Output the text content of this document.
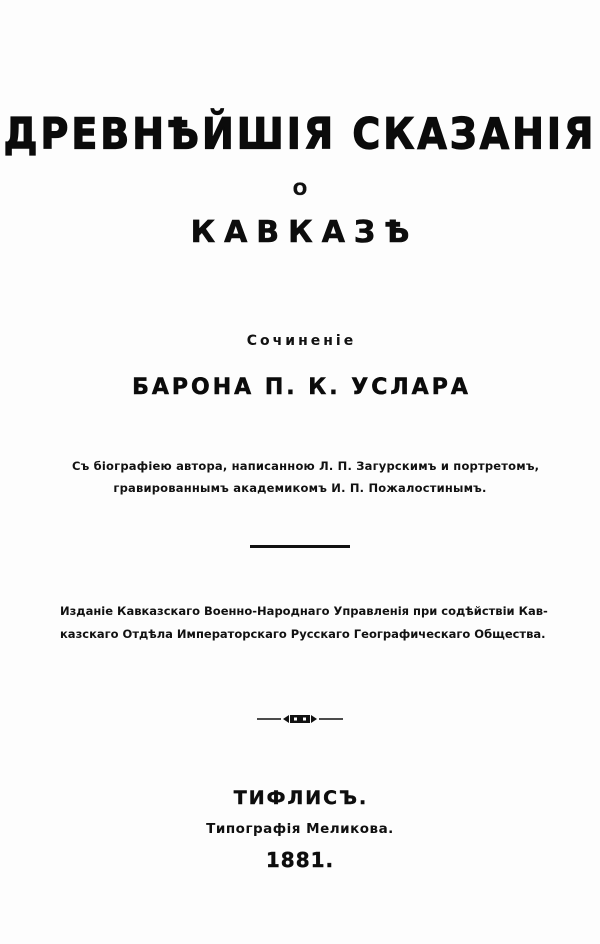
ДРЕВНѢЙШІЯ СКАЗАНІЯ
О
КАВКАЗѢ
Сочиненіе
БАРОНА П. К. УСЛАРА
Съ біографіею автора, написанною Л. П. Загурскимъ и портретомъ,
гравированнымъ академикомъ И. П. Пожалостинымъ.
Изданіе Кавказскаго Военно-Народнаго Управленія при содѣйствіи Кав-
казскаго Отдѣла Императорскаго Русскаго Географическаго Общества.
ТИФЛИСЪ.
Типографія Меликова.
1881.
